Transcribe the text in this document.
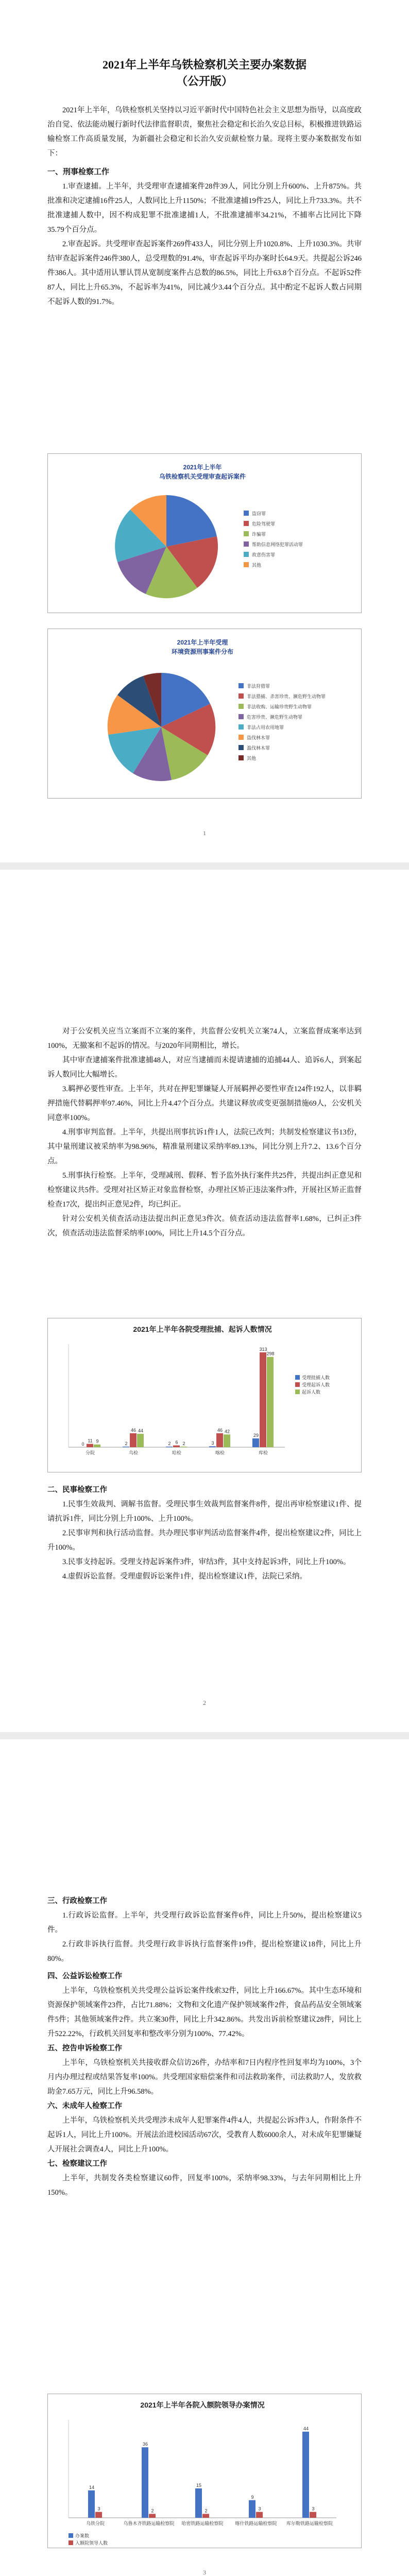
2021年上半年乌铁检察机关主要办案数据
（公开版）

2021年上半年，乌铁检察机关坚持以习近平新时代中国特色社会主义思想为指导，以高度政治自觉、依法能动履行新时代法律监督职责，聚焦社会稳定和长治久安总目标，积极推进铁路运输检察工作高质量发展，为新疆社会稳定和长治久安贡献检察力量。现将主要办案数据发布如下：

一、刑事检察工作

1.审查逮捕。上半年，共受理审查逮捕案件28件39人，同比分别上升600%、上升875%。共批准和决定逮捕16件25人，人数同比上升1150%；不批准逮捕19件25人，同比上升733.3%。共不批准逮捕人数中，因不构成犯罪不批准逮捕1人，不批准逮捕率34.21%，不捕率占比同比下降35.79个百分点。

2.审查起诉。共受理审查起诉案件269件433人，同比分别上升1020.8%、上升1030.3%。共审结审查起诉案件246件380人，总受理数的91.4%，审查起诉平均办案时长64.9天。共提起公诉246件386人。其中适用认罪认罚从宽制度案件占总数的86.5%，同比上升63.8个百分点。不起诉52件87人，同比上升65.3%，不起诉率为41%，同比减少3.44个百分点。其中酌定不起诉人数占同期不起诉人数的91.7%。

2021年上半年
乌铁检察机关受理审查起诉案件
盗窃罪
危险驾驶罪
诈骗罪
帮助信息网络犯罪活动罪
故意伤害罪
其他
2021年上半年受理
环境资源刑事案件分布
非法狩猎罪
非法猎捕、杀害珍贵、濒危野生动物罪
非法收购、运输珍贵野生动物罪
危害珍贵、濒危野生动物罪
非法占用农用地罪
盗伐林木罪
滥伐林木罪
其他
1

对于公安机关应当立案而不立案的案件，共监督公安机关立案74人，立案监督成案率达到100%，无撤案和不起诉的情况。与2020年同期相比，增长。

其中审查逮捕案件批准逮捕48人，对应当逮捕而未提请逮捕的追捕44人、追诉6人，到案起诉人数同比大幅增长。

3.羁押必要性审查。上半年，共对在押犯罪嫌疑人开展羁押必要性审查124件192人，以非羁押措施代替羁押率97.46%，同比上升4.47个百分点。共建议释放或变更强制措施69人，公安机关同意率100%。

4.刑事审判监督。上半年，共提出刑事抗诉1件1人，法院已改判；共制发检察建议书13份，其中量刑建议被采纳率为98.96%，精准量刑建议采纳率89.13%，同比分别上升7.2、13.6个百分点。

5.刑事执行检察。上半年，受理减刑、假释、暂予监外执行案件共25件，共提出纠正意见和检察建议共5件。受理对社区矫正对象监督检察，办理社区矫正违法案件3件，开展社区矫正监督检查17次，提出纠正意见2件，均已纠正。

针对公安机关侦查活动违法提出纠正意见3件次。侦查活动违法监督率1.68%，已纠正3件次，侦查活动违法监督采纳率100%，同比上升14.5个百分点。

2021年上半年各院受理批捕、起诉人数情况
0
11 9
分院
2
46 44
乌检
2 6 2
哈检
3
46 42
喀检
29
313
298
库检
受理批捕人数
受理起诉人数
起诉人数

二、民事检察工作

1.民事生效裁判、调解书监督。受理民事生效裁判监督案件8件，提出再审检察建议1件、提请抗诉1件，同比分别上升100%、上升100%。

2.民事审判和执行活动监督。共办理民事审判活动监督案件4件，提出检察建议2件，同比上升100%。

3.民事支持起诉。受理支持起诉案件3件，审结3件，其中支持起诉3件，同比上升100%。

4.虚假诉讼监督。受理虚假诉讼案件1件，提出检察建议1件，法院已采纳。

2

三、行政检察工作

1.行政诉讼监督。上半年，共受理行政诉讼监督案件6件，同比上升50%，提出检察建议5件。

2.行政非诉执行监督。共受理行政非诉执行监督案件19件，提出检察建议18件，同比上升80%。

四、公益诉讼检察工作

上半年，乌铁检察机关共受理公益诉讼案件线索32件，同比上升166.67%。其中生态环境和资源保护领域案件23件，占比71.88%；文物和文化遗产保护领域案件2件，食品药品安全领域案件5件；其他领域案件2件。共立案30件，同比上升342.86%。共发出诉前检察建议28件，同比上升522.22%，行政机关回复率和整改率分别为100%、77.42%。

五、控告申诉检察工作

上半年，乌铁检察机关共接收群众信访26件，办结率和7日内程序性回复率均为100%，3个月内办理过程或结果答复率100%。共受理国家赔偿案件和司法救助案件，司法救助7人，发放救助金7.65万元，同比上升96.58%。

六、未成年人检察工作

上半年，乌铁检察机关共受理涉未成年人犯罪案件4件4人，共提起公诉3件3人，作附条件不起诉1人，同比上升100%。开展法治进校园活动67次，受教育人数6000余人，对未成年犯罪嫌疑人开展社会调查4人，同比上升100%。

七、检察建议工作

上半年，共制发各类检察建议60件，回复率100%，采纳率98.33%，与去年同期相比上升150%。

2021年上半年各院入额院领导办案情况
14
3
乌铁分院
36
2
乌鲁木齐铁路运输检察院
15
2
哈密铁路运输检察院
9
3
喀什铁路运输检察院
44
3
库尔勒铁路运输检察院
办案数
入额院领导人数
3
